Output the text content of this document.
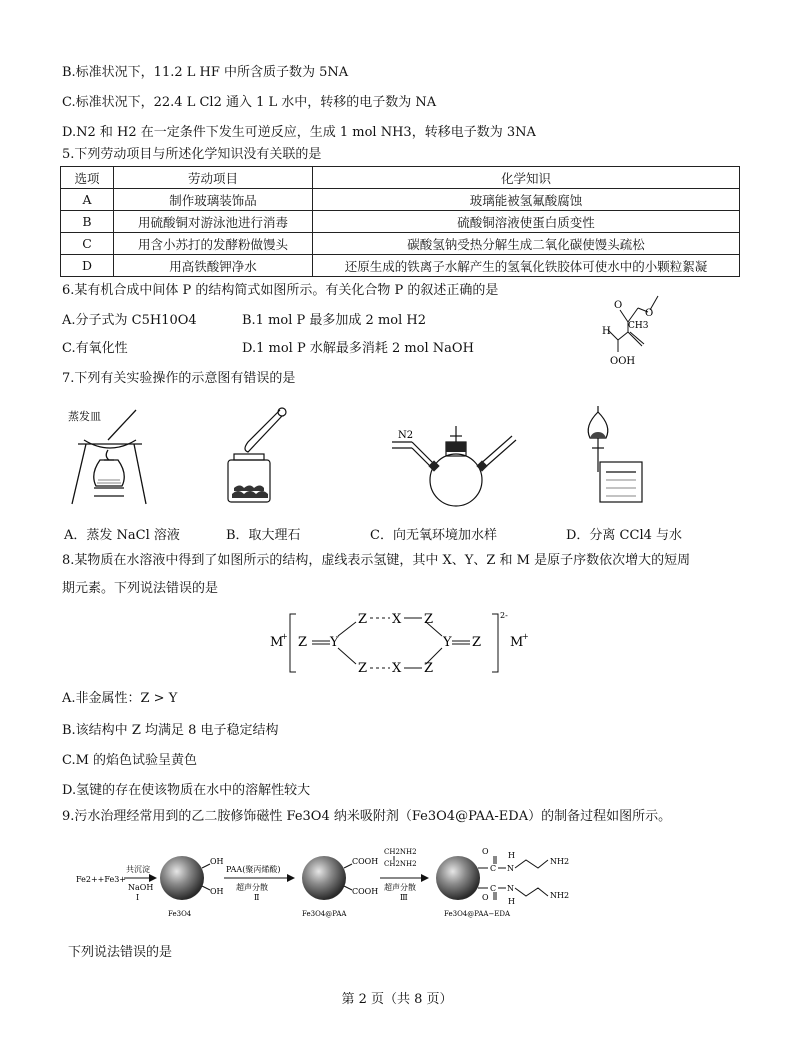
B.标准状况下，11.2 L HF 中所含质子数为 5NA
C.标准状况下，22.4 L Cl2 通入 1 L 水中，转移的电子数为 NA
D.N2 和 H2 在一定条件下发生可逆反应，生成 1 mol NH3，转移电子数为 3NA
5.下列劳动项目与所述化学知识没有关联的是
选项	劳动项目	化学知识
A	制作玻璃装饰品	玻璃能被氢氟酸腐蚀
B	用硫酸铜对游泳池进行消毒	硫酸铜溶液使蛋白质变性
C	用含小苏打的发酵粉做馒头	碳酸氢钠受热分解生成二氧化碳使馒头疏松
D	用高铁酸钾净水	还原生成的铁离子水解产生的氢氧化铁胶体可使水中的小颗粒絮凝
6.某有机合成中间体 P 的结构简式如图所示。有关化合物 P 的叙述正确的是
A.分子式为 C5H10O4	B.1 mol P 最多加成 2 mol H2
C.有氧化性	D.1 mol P 水解最多消耗 2 mol NaOH
O
O
CH3
H
OOH
7.下列有关实验操作的示意图有错误的是
蒸发皿
N2
A．蒸发 NaCl 溶液	B．取大理石	C．向无氧环境加水样	D．分离 CCl4 与水
8.某物质在水溶液中得到了如图所示的结构，虚线表示氢键，其中 X、Y、Z 和 M 是原子序数依次增大的短周
期元素。下列说法错误的是
M
+ Z Y
Z X Z
Z X Z
Y Z
2-
M
+
A.非金属性：Z > Y
B.该结构中 Z 均满足 8 电子稳定结构
C.M 的焰色试验呈黄色
D.氢键的存在使该物质在水中的溶解性较大
9.污水治理经常用到的乙二胺修饰磁性 Fe3O4 纳米吸附剂（Fe3O4@PAA-EDA）的制备过程如图所示。
Fe2++Fe3+
共沉淀
NaOH
Ⅰ
OH
OH
Fe3O4
PAA(聚丙烯酸)
超声分散
Ⅱ
COOH
COOH
Fe3O4@PAA
CH2NH2
CH2NH2
超声分散
Ⅲ
O
O
C
C
N
N
H
H
NH2
NH2
Fe3O4@PAA−EDA
下列说法错误的是
第 2 页（共 8 页）
